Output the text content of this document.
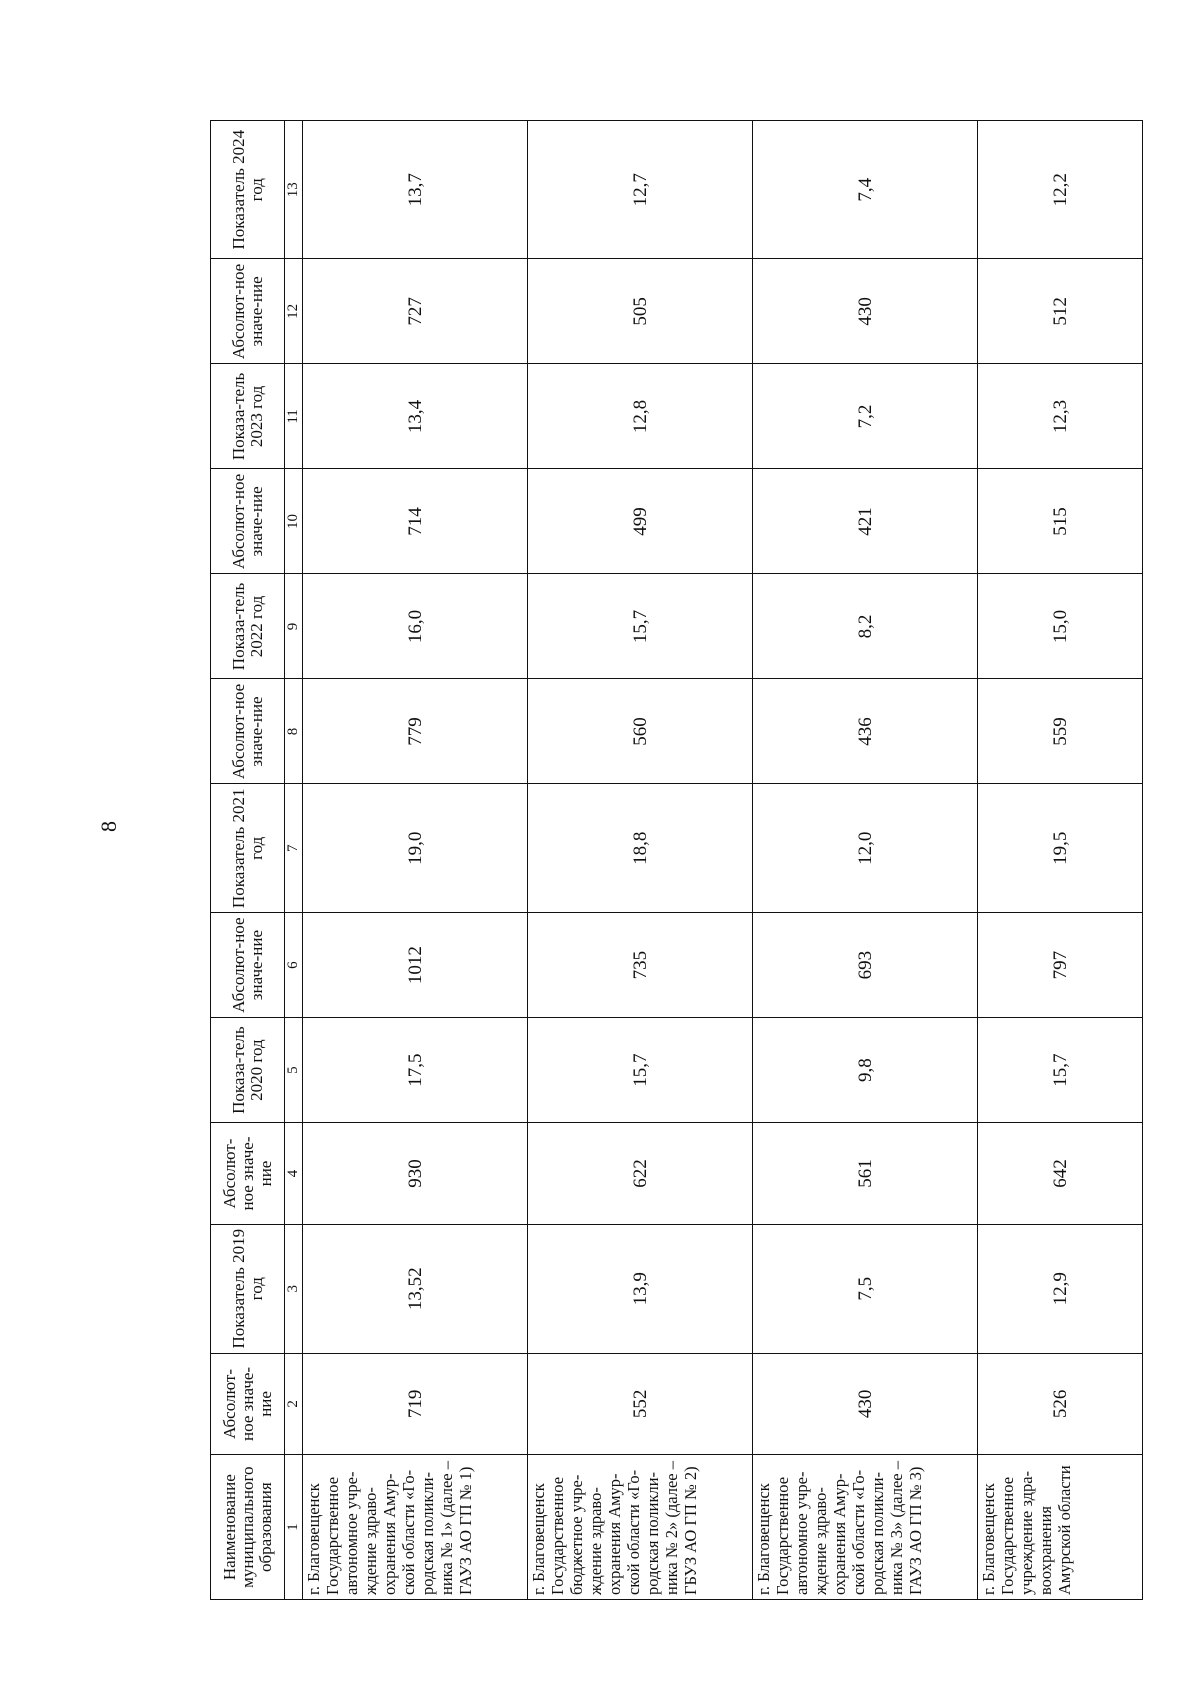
8
Наименование муниципального образования	Абсолют-ное значе-ние	Показатель 2019 год	Абсолют-ное значе-ние	Показа-тель 2020 год	Абсолют-ное значе-ние	Показатель 2021 год	Абсолют-ное значе-ние	Показа-тель 2022 год	Абсолют-ное значе-ние	Показа-тель 2023 год	Абсолют-ное значе-ние	Показатель 2024 год
1	2	3	4	5	6	7	8	9	10	11	12	13
г. Благовещенск Государственное автономное учре-ждение здраво-охранения Амур-ской области «Го-родская поликли-ника № 1» (далее – ГАУЗ АО ГП № 1)	719	13,52	930	17,5	1012	19,0	779	16,0	714	13,4	727	13,7
г. Благовещенск Государственное бюджетное учре-ждение здраво-охранения Амур-ской области «Го-родская поликли-ника № 2» (далее – ГБУЗ АО ГП № 2)	552	13,9	622	15,7	735	18,8	560	15,7	499	12,8	505	12,7
г. Благовещенск Государственное автономное учре-ждение здраво-охранения Амур-ской области «Го-родская поликли-ника № 3» (далее – ГАУЗ АО ГП № 3)	430	7,5	561	9,8	693	12,0	436	8,2	421	7,2	430	7,4
г. Благовещенск Государственное учреждение здра-воохранения Амурской области	526	12,9	642	15,7	797	19,5	559	15,0	515	12,3	512	12,2
